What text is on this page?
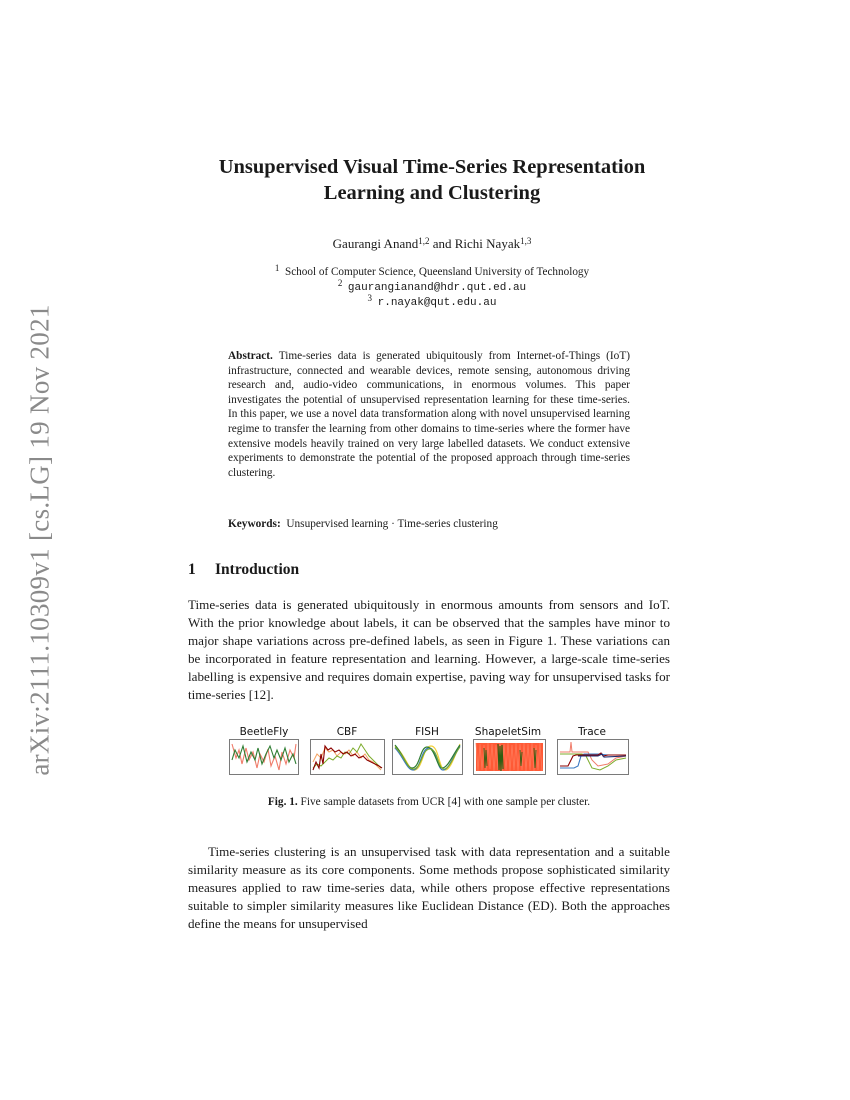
arXiv:2111.10309v1 [cs.LG] 19 Nov 2021
Unsupervised Visual Time-Series Representation
Learning and Clustering
Gaurangi Anand$^{1,2}$ and Richi Nayak$^{1,3}$
$^1$ School of Computer Science, Queensland University of Technology
$^2$ gaurangianand@hdr.qut.ed.au
$^3$ r.nayak@qut.edu.au

Abstract. Time-series data is generated ubiquitously from Internet-of-Things (IoT) infrastructure, connected and wearable devices, remote sensing, autonomous driving research and, audio-video communications, in enormous volumes. This paper investigates the potential of unsupervised representation learning for these time-series. In this paper, we use a novel data transformation along with novel unsupervised learning regime to transfer the learning from other domains to time-series where the former have extensive models heavily trained on very large labelled datasets. We conduct extensive experiments to demonstrate the potential of the proposed approach through time-series clustering.

Keywords: Unsupervised learning · Time-series clustering
1 Introduction

Time-series data is generated ubiquitously in enormous amounts from sensors and IoT. With the prior knowledge about labels, it can be observed that the samples have minor to major shape variations across pre-defined labels, as seen in Figure 1. These variations can be incorporated in feature representation and learning. However, a large-scale time-series labelling is expensive and requires domain expertise, paving way for unsupervised tasks for time-series [12].

BeetleFly	CBF	FISH	ShapeletSim	Trace
Fig. 1. Five sample datasets from UCR [4] with one sample per cluster.

Time-series clustering is an unsupervised task with data representation and a suitable similarity measure as its core components. Some methods propose sophisticated similarity measures applied to raw time-series data, while others propose effective representations suitable to simpler similarity measures like Euclidean Distance (ED). Both the approaches define the means for unsupervised
